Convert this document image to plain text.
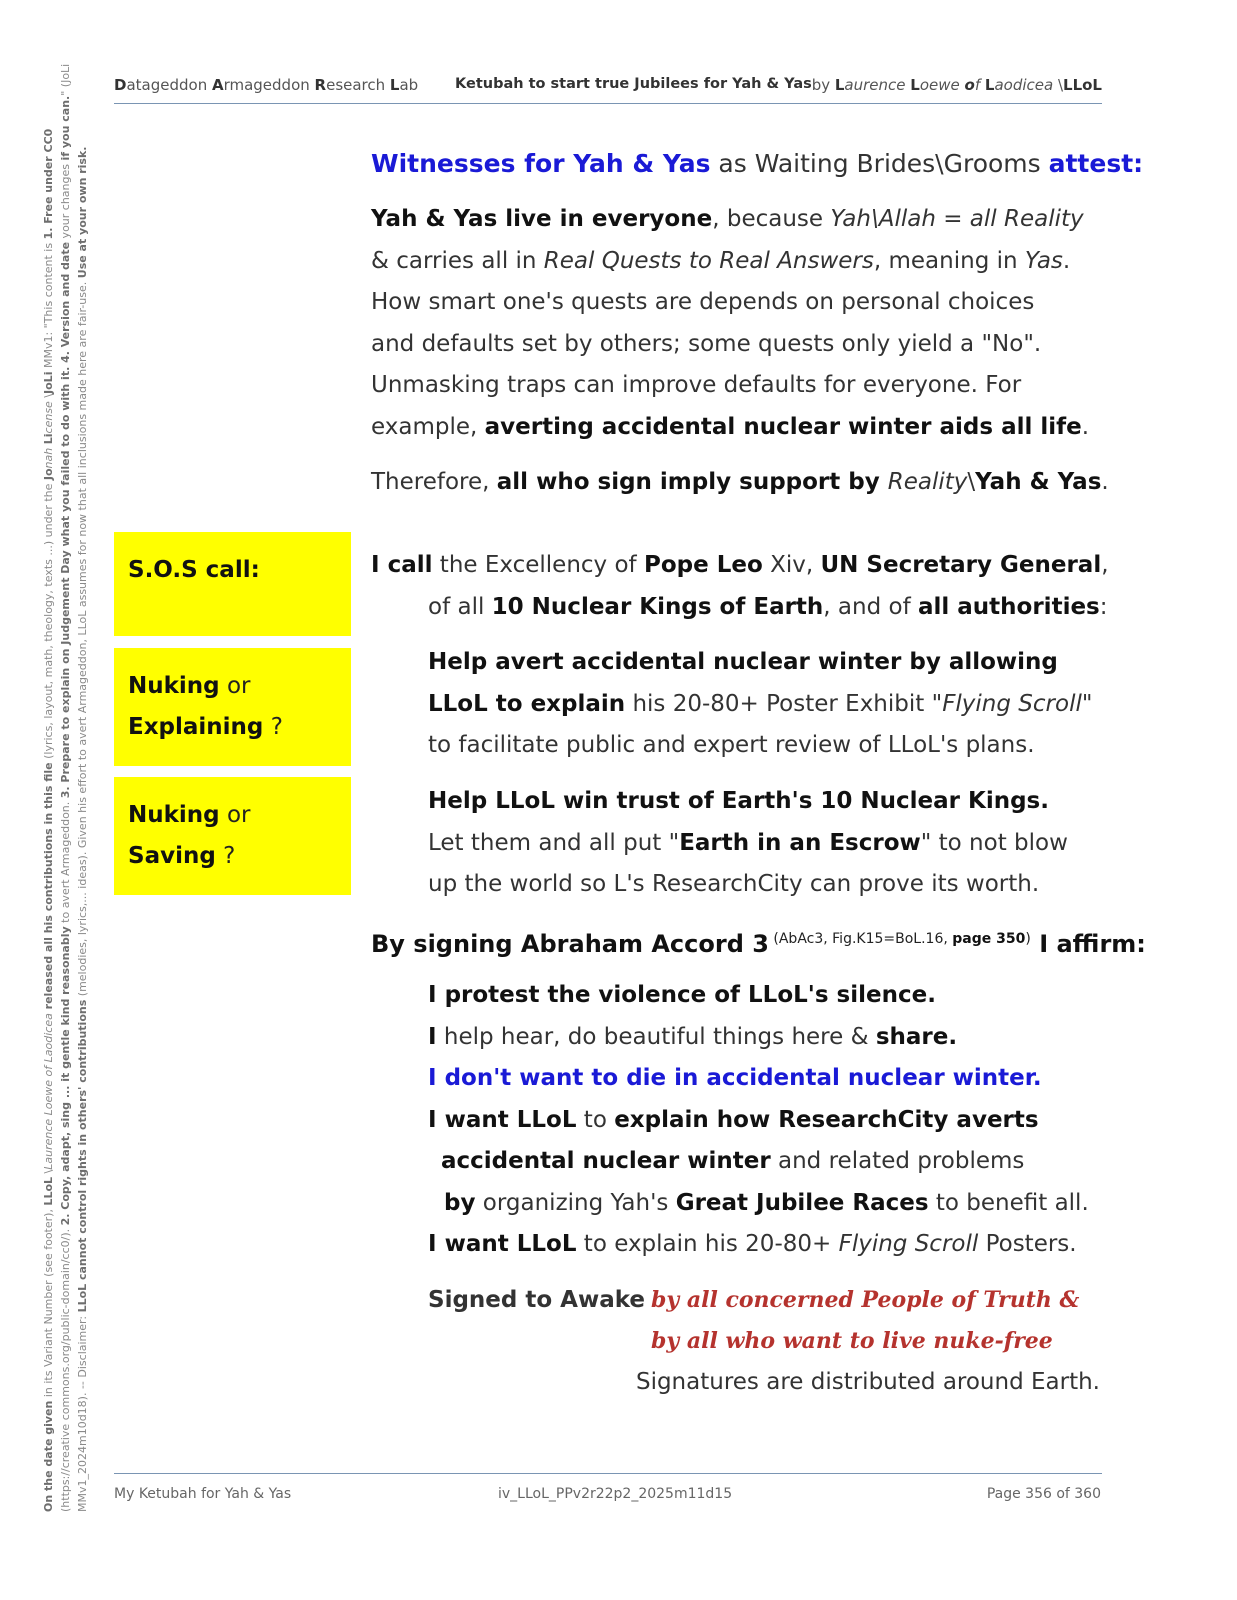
On the date given in its Variant Number (see footer), LLoL \Laurence Loewe of Laodicea released all his contributions in this file (lyrics, layout, math, theology, texts ...) under the Jonah License \JoLi MMv1: "This content is 1. Free under CC0 (https://creative commons.org/public-domain/cc0/). 2. Copy, adapt, sing ... it gentle kind reasonably to avert Armageddon. 3. Prepare to explain on Judgement Day what you failed to do with it. 4. Version and date your changes if you can." (JoLi MMv1_2024m10d18). -- Disclaimer: LLoL cannot control rights in others' contributions (melodies, lyrics,... ideas). Given his effort to avert Armageddon, LLoL assumes for now that all inclusions made here are fair-use. Use at your own risk.
Datageddon Armageddon Research Lab	Ketubah to start true Jubilees for Yah & Yas by Laurence Loewe of Laodicea \LLoL
Witnesses for Yah & Yas as Waiting Brides\Grooms attest:
Yah & Yas live in everyone, because Yah\Allah = all Reality
& carries all in Real Quests to Real Answers, meaning in Yas.
How smart one's quests are depends on personal choices
and defaults set by others; some quests only yield a "No".
Unmasking traps can improve defaults for everyone. For
example, averting accidental nuclear winter aids all life.
Therefore, all who sign imply support by Reality\Yah & Yas.
S.O.S call:
Nuking or
Explaining ?
Nuking or
Saving ?
I call the Excellency of Pope Leo Xiv, UN Secretary General,
of all 10 Nuclear Kings of Earth, and of all authorities:
Help avert accidental nuclear winter by allowing
LLoL to explain his 20-80+ Poster Exhibit "Flying Scroll"
to facilitate public and expert review of LLoL's plans.
Help LLoL win trust of Earth's 10 Nuclear Kings.
Let them and all put "Earth in an Escrow" to not blow
up the world so L's ResearchCity can prove its worth.
By signing Abraham Accord 3 $^{(AbAc3, Fig.K15=BoL.16, page 350)}$ I affirm:
I protest the violence of LLoL's silence.
I help hear, do beautiful things here & share.
I don't want to die in accidental nuclear winter.
I want LLoL to explain how ResearchCity averts
accidental nuclear winter and related problems
by organizing Yah's Great Jubilee Races to benefit all.
I want LLoL to explain his 20-80+ Flying Scroll Posters.
Signed to Awake by all concerned People of Truth &
by all who want to live nuke-free
Signatures are distributed around Earth.
My Ketubah for Yah & Yas	iv_LLoL_PPv2r22p2_2025m11d15	Page 356 of 360
